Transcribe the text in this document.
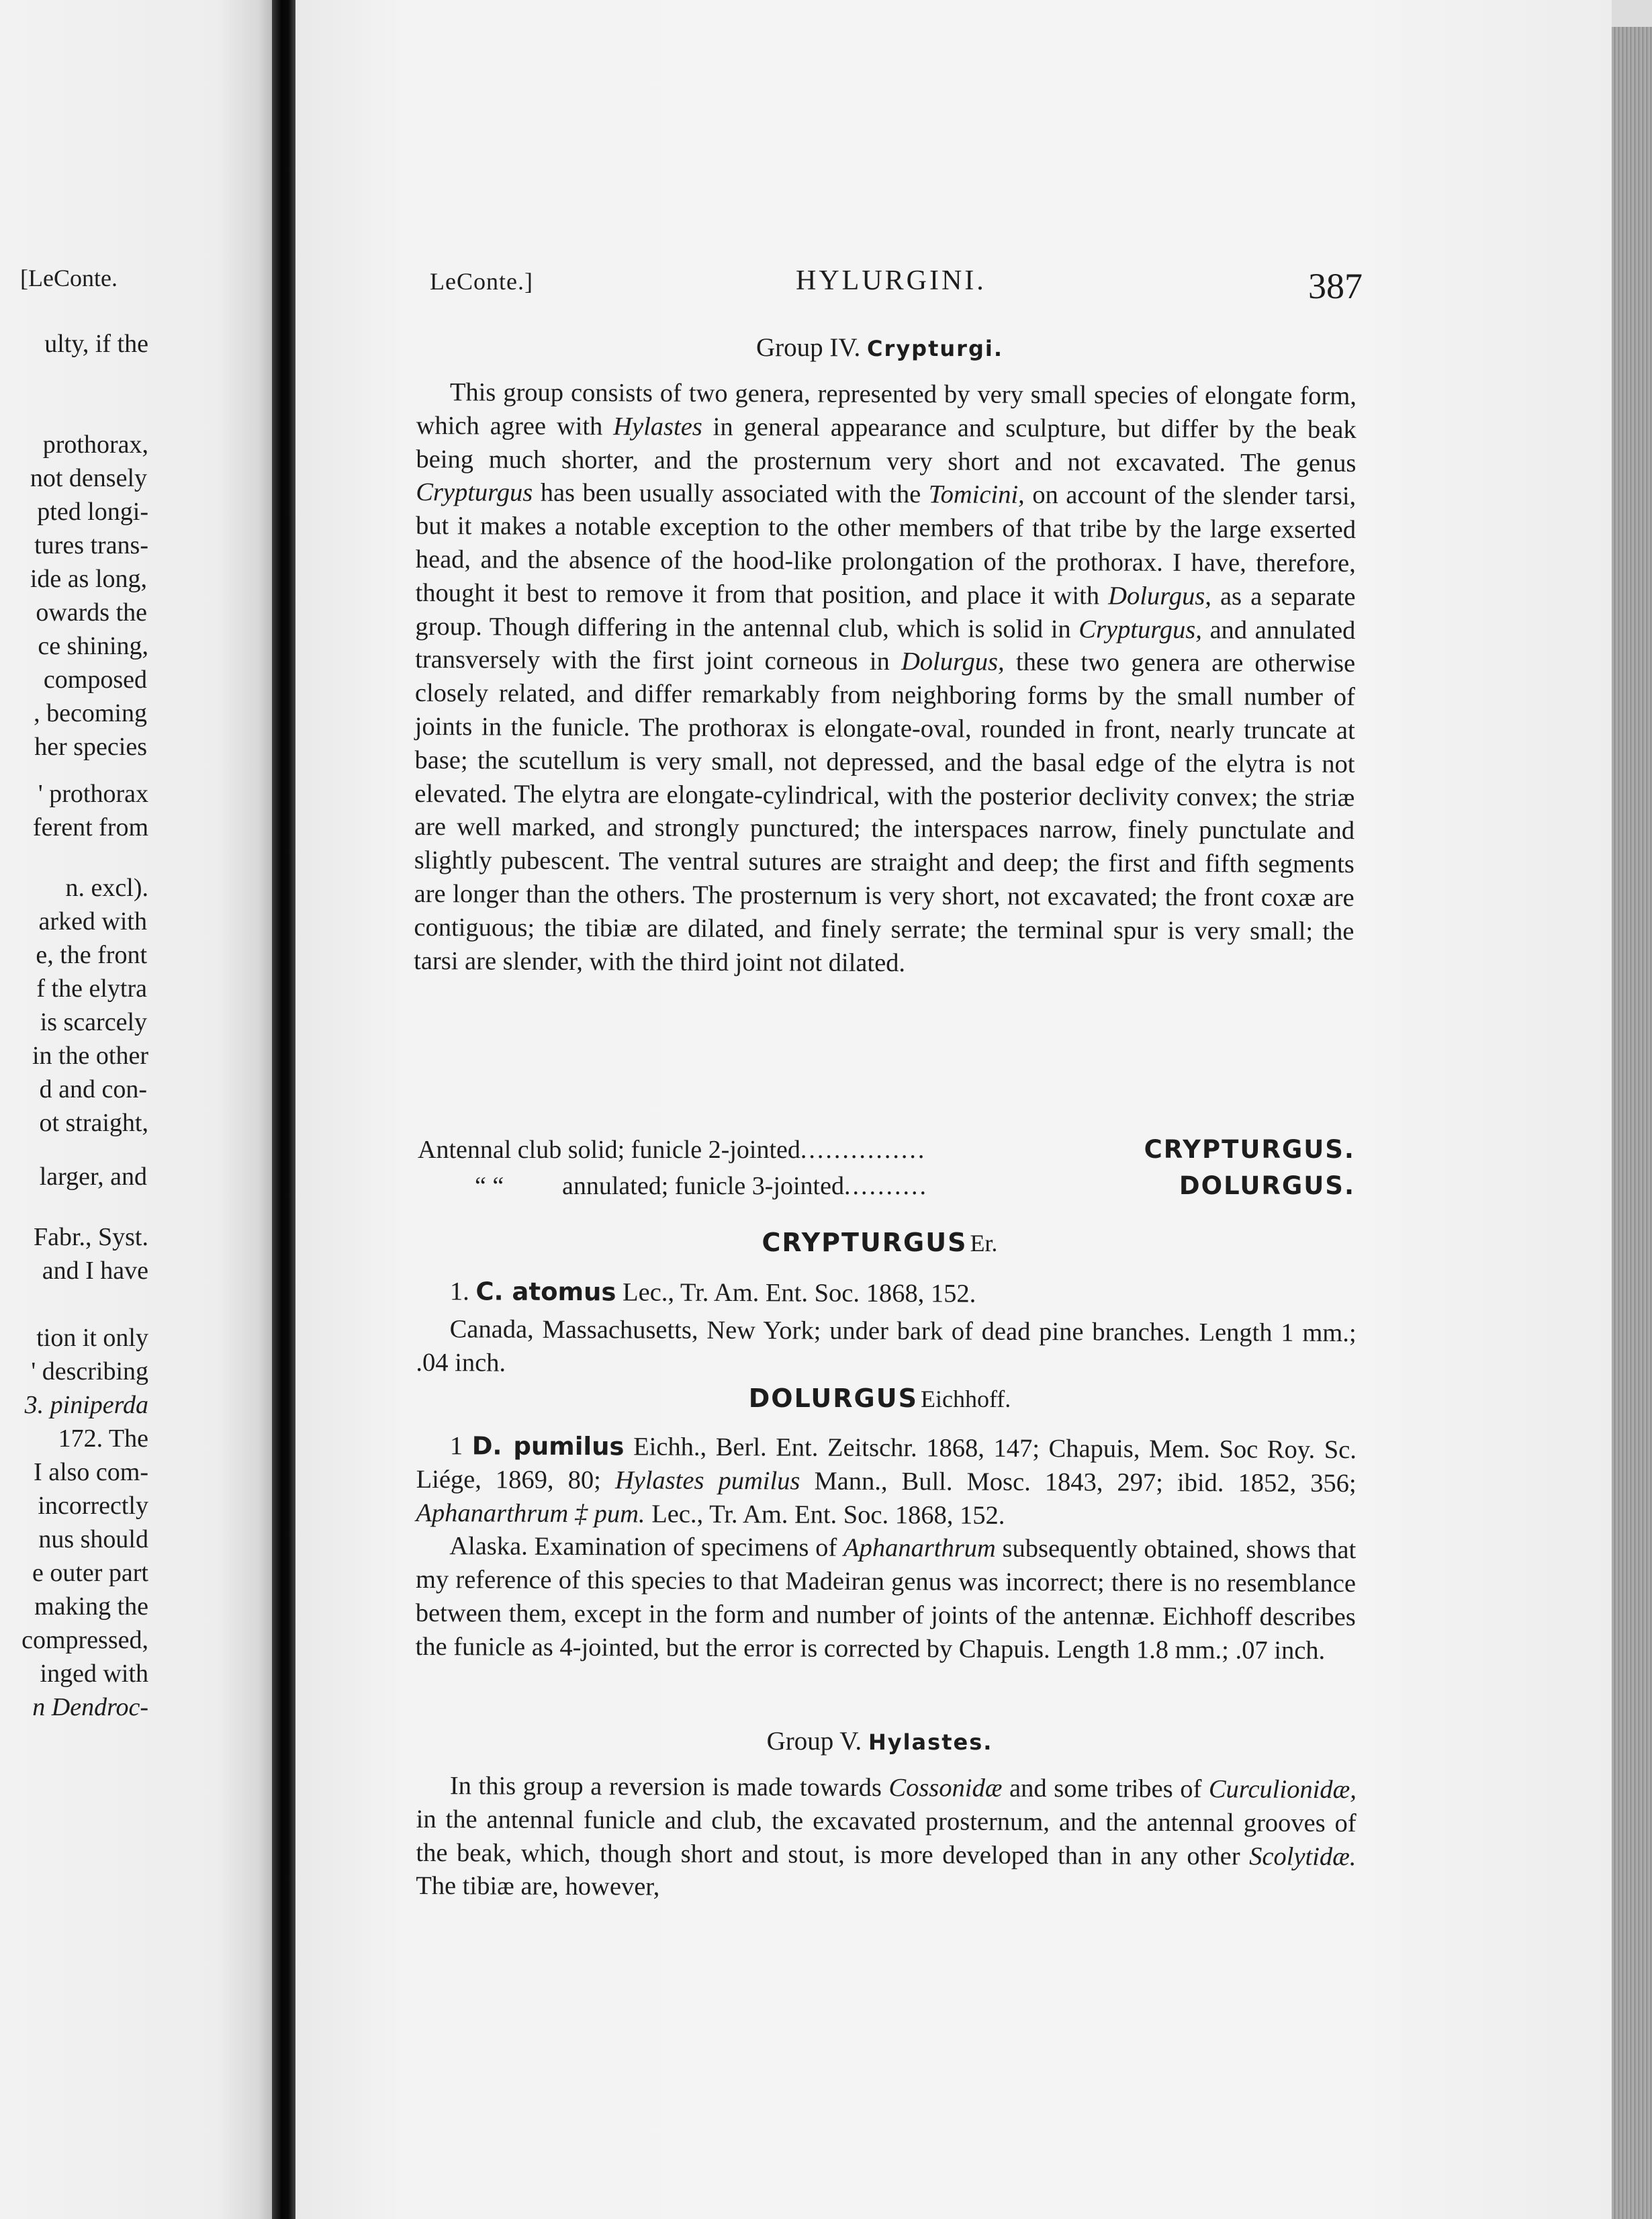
[LeConte.
ulty, if the
prothorax,
not densely
pted longi-
tures trans-
ide as long,
owards the
ce shining,
composed
, becoming
her species
' prothorax
ferent from
n. excl).
arked with
e, the front
f the elytra
is scarcely
in the other
d and con-
ot straight,
larger, and
Fabr., Syst.
and I have
tion it only
' describing
3. piniperda
172. The
I also com-
incorrectly
nus should
e outer part
making the
compressed,
inged with
n Dendroc-
LeConte.]	HYLURGINI.	387
Group IV. Crypturgi.

This group consists of two genera, represented by very small species of elongate form, which agree with Hylastes in general appearance and sculpture, but differ by the beak being much shorter, and the prosternum very short and not excavated. The genus Crypturgus has been usually associated with the Tomicini, on account of the slender tarsi, but it makes a notable exception to the other members of that tribe by the large exserted head, and the absence of the hood-like prolongation of the prothorax. I have, therefore, thought it best to remove it from that position, and place it with Dolurgus, as a separate group. Though differing in the antennal club, which is solid in Crypturgus, and annulated transversely with the first joint corneous in Dolurgus, these two genera are otherwise closely related, and differ remarkably from neighboring forms by the small number of joints in the funicle. The prothorax is elongate-oval, rounded in front, nearly truncate at base; the scutellum is very small, not depressed, and the basal edge of the elytra is not elevated. The elytra are elongate-cylindrical, with the posterior declivity convex; the striæ are well marked, and strongly punctured; the interspaces narrow, finely punctulate and slightly pubescent. The ventral sutures are straight and deep; the first and fifth segments are longer than the others. The prosternum is very short, not excavated; the front coxæ are contiguous; the tibiæ are dilated, and finely serrate; the terminal spur is very small; the tarsi are slender, with the third joint not dilated.

Antennal club solid; funicle 2-jointed ...............	CRYPTURGUS.
“ “ annulated; funicle 3-jointed ..........	DOLURGUS.
CRYPTURGUS Er.

1. C. atomus Lec., Tr. Am. Ent. Soc. 1868, 152.

Canada, Massachusetts, New York; under bark of dead pine branches. Length 1 mm.; .04 inch.

DOLURGUS Eichhoff.

1 D. pumilus Eichh., Berl. Ent. Zeitschr. 1868, 147; Chapuis, Mem. Soc Roy. Sc. Liége, 1869, 80; Hylastes pumilus Mann., Bull. Mosc. 1843, 297; ibid. 1852, 356; Aphanarthrum ‡ pum. Lec., Tr. Am. Ent. Soc. 1868, 152.

Alaska. Examination of specimens of Aphanarthrum subsequently obtained, shows that my reference of this species to that Madeiran genus was incorrect; there is no resemblance between them, except in the form and number of joints of the antennæ. Eichhoff describes the funicle as 4-jointed, but the error is corrected by Chapuis. Length 1.8 mm.; .07 inch.

Group V. Hylastes.

In this group a reversion is made towards Cossonidæ and some tribes of Curculionidæ, in the antennal funicle and club, the excavated prosternum, and the antennal grooves of the beak, which, though short and stout, is more developed than in any other Scolytidæ. The tibiæ are, however,
